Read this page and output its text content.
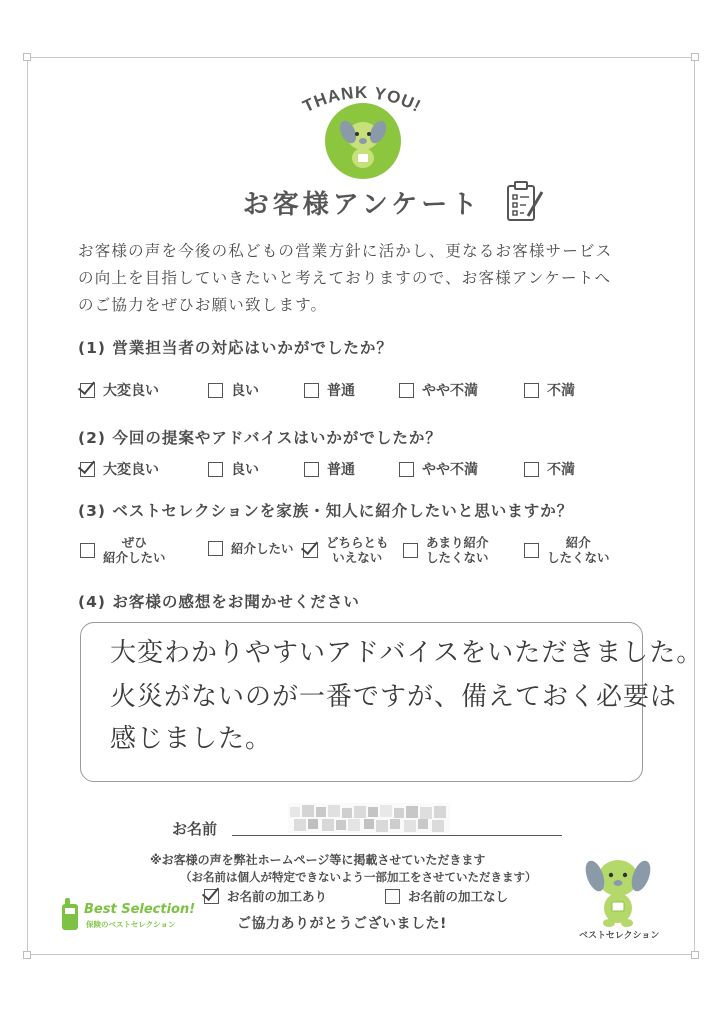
THANK YOU!
お客様アンケート
お客様の声を今後の私どもの営業方針に活かし、更なるお客様サービス
の向上を目指していきたいと考えておりますので、お客様アンケートへ
のご協力をぜひお願い致します。
(1) 営業担当者の対応はいかがでしたか？
大変良い	良い	普通	やや不満	不満
(2) 今回の提案やアドバイスはいかがでしたか？
大変良い	良い	普通	やや不満	不満
(3) ベストセレクションを家族・知人に紹介したいと思いますか？
ぜひ
紹介したい
紹介したい	どちらとも
いえない
あまり紹介
したくない
紹介
したくない
(4) お客様の感想をお聞かせください
大変わかりやすいアドバイスをいただきました。
火災がないのが一番ですが、備えておく必要は
感じました。
お名前
※お客様の声を弊社ホームページ等に掲載させていただきます
（お名前は個人が特定できないよう一部加工をさせていただきます）
お名前の加工あり	お名前の加工なし
ご協力ありがとうございました!
Best Selection!
保険のベストセレクション
ベストセレクション
